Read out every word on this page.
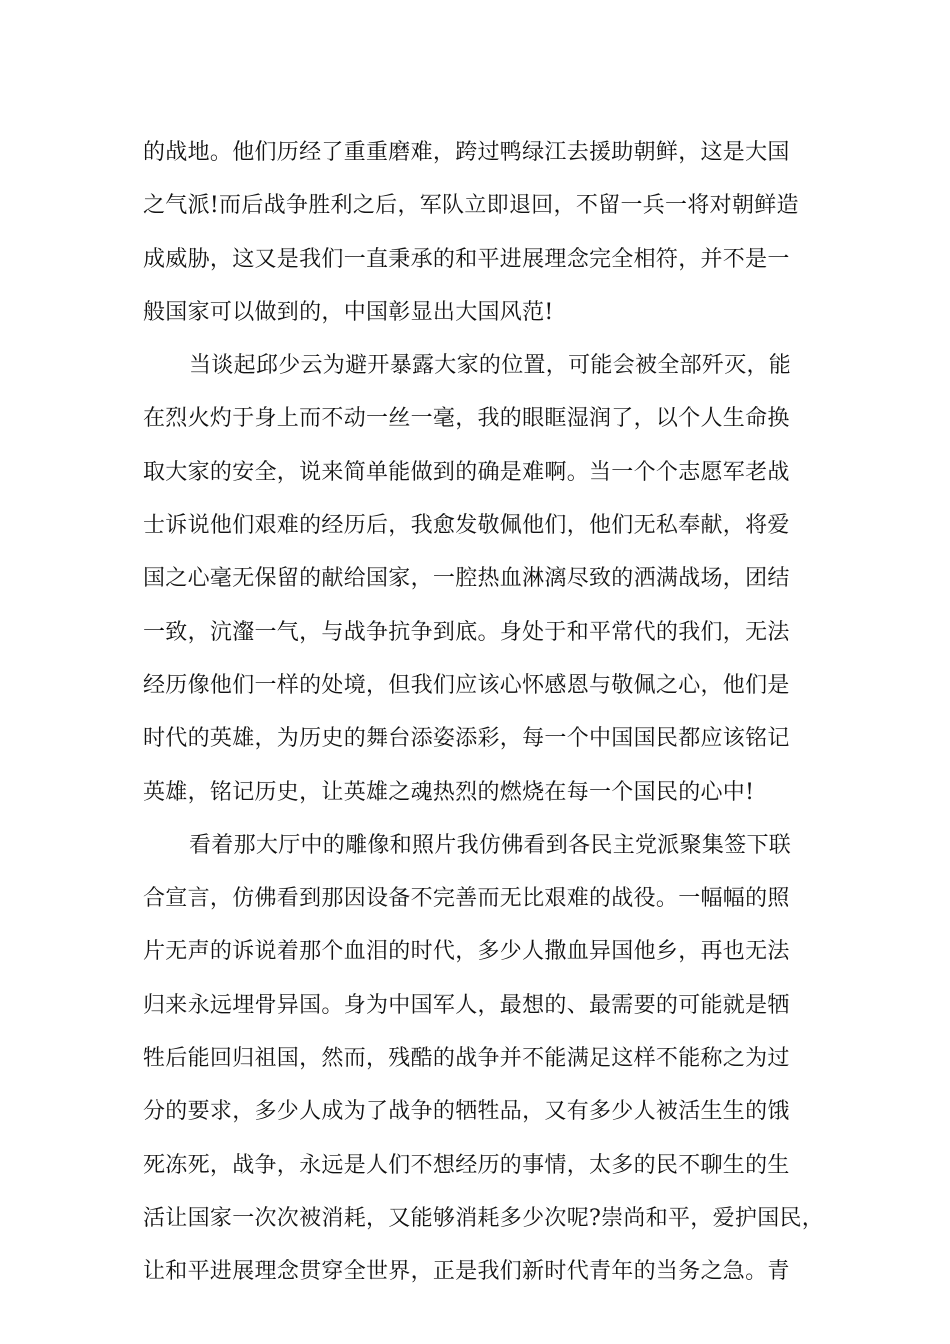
的战地。他们历经了重重磨难，跨过鸭绿江去援助朝鲜，这是大国
之气派!而后战争胜利之后，军队立即退回，不留一兵一将对朝鲜造
成威胁，这又是我们一直秉承的和平进展理念完全相符，并不是一
般国家可以做到的，中国彰显出大国风范!
当谈起邱少云为避开暴露大家的位置，可能会被全部歼灭，能
在烈火灼于身上而不动一丝一毫，我的眼眶湿润了，以个人生命换
取大家的安全，说来简单能做到的确是难啊。当一个个志愿军老战
士诉说他们艰难的经历后，我愈发敬佩他们，他们无私奉献，将爱
国之心毫无保留的献给国家，一腔热血淋漓尽致的洒满战场，团结
一致，沆瀣一气，与战争抗争到底。身处于和平常代的我们，无法
经历像他们一样的处境，但我们应该心怀感恩与敬佩之心，他们是
时代的英雄，为历史的舞台添姿添彩，每一个中国国民都应该铭记
英雄，铭记历史，让英雄之魂热烈的燃烧在每一个国民的心中!
看着那大厅中的雕像和照片我仿佛看到各民主党派聚集签下联
合宣言，仿佛看到那因设备不完善而无比艰难的战役。一幅幅的照
片无声的诉说着那个血泪的时代，多少人撒血异国他乡，再也无法
归来永远埋骨异国。身为中国军人，最想的、最需要的可能就是牺
牲后能回归祖国，然而，残酷的战争并不能满足这样不能称之为过
分的要求，多少人成为了战争的牺牲品，又有多少人被活生生的饿
死冻死，战争，永远是人们不想经历的事情，太多的民不聊生的生
活让国家一次次被消耗，又能够消耗多少次呢?崇尚和平，爱护国民，
让和平进展理念贯穿全世界，正是我们新时代青年的当务之急。青
